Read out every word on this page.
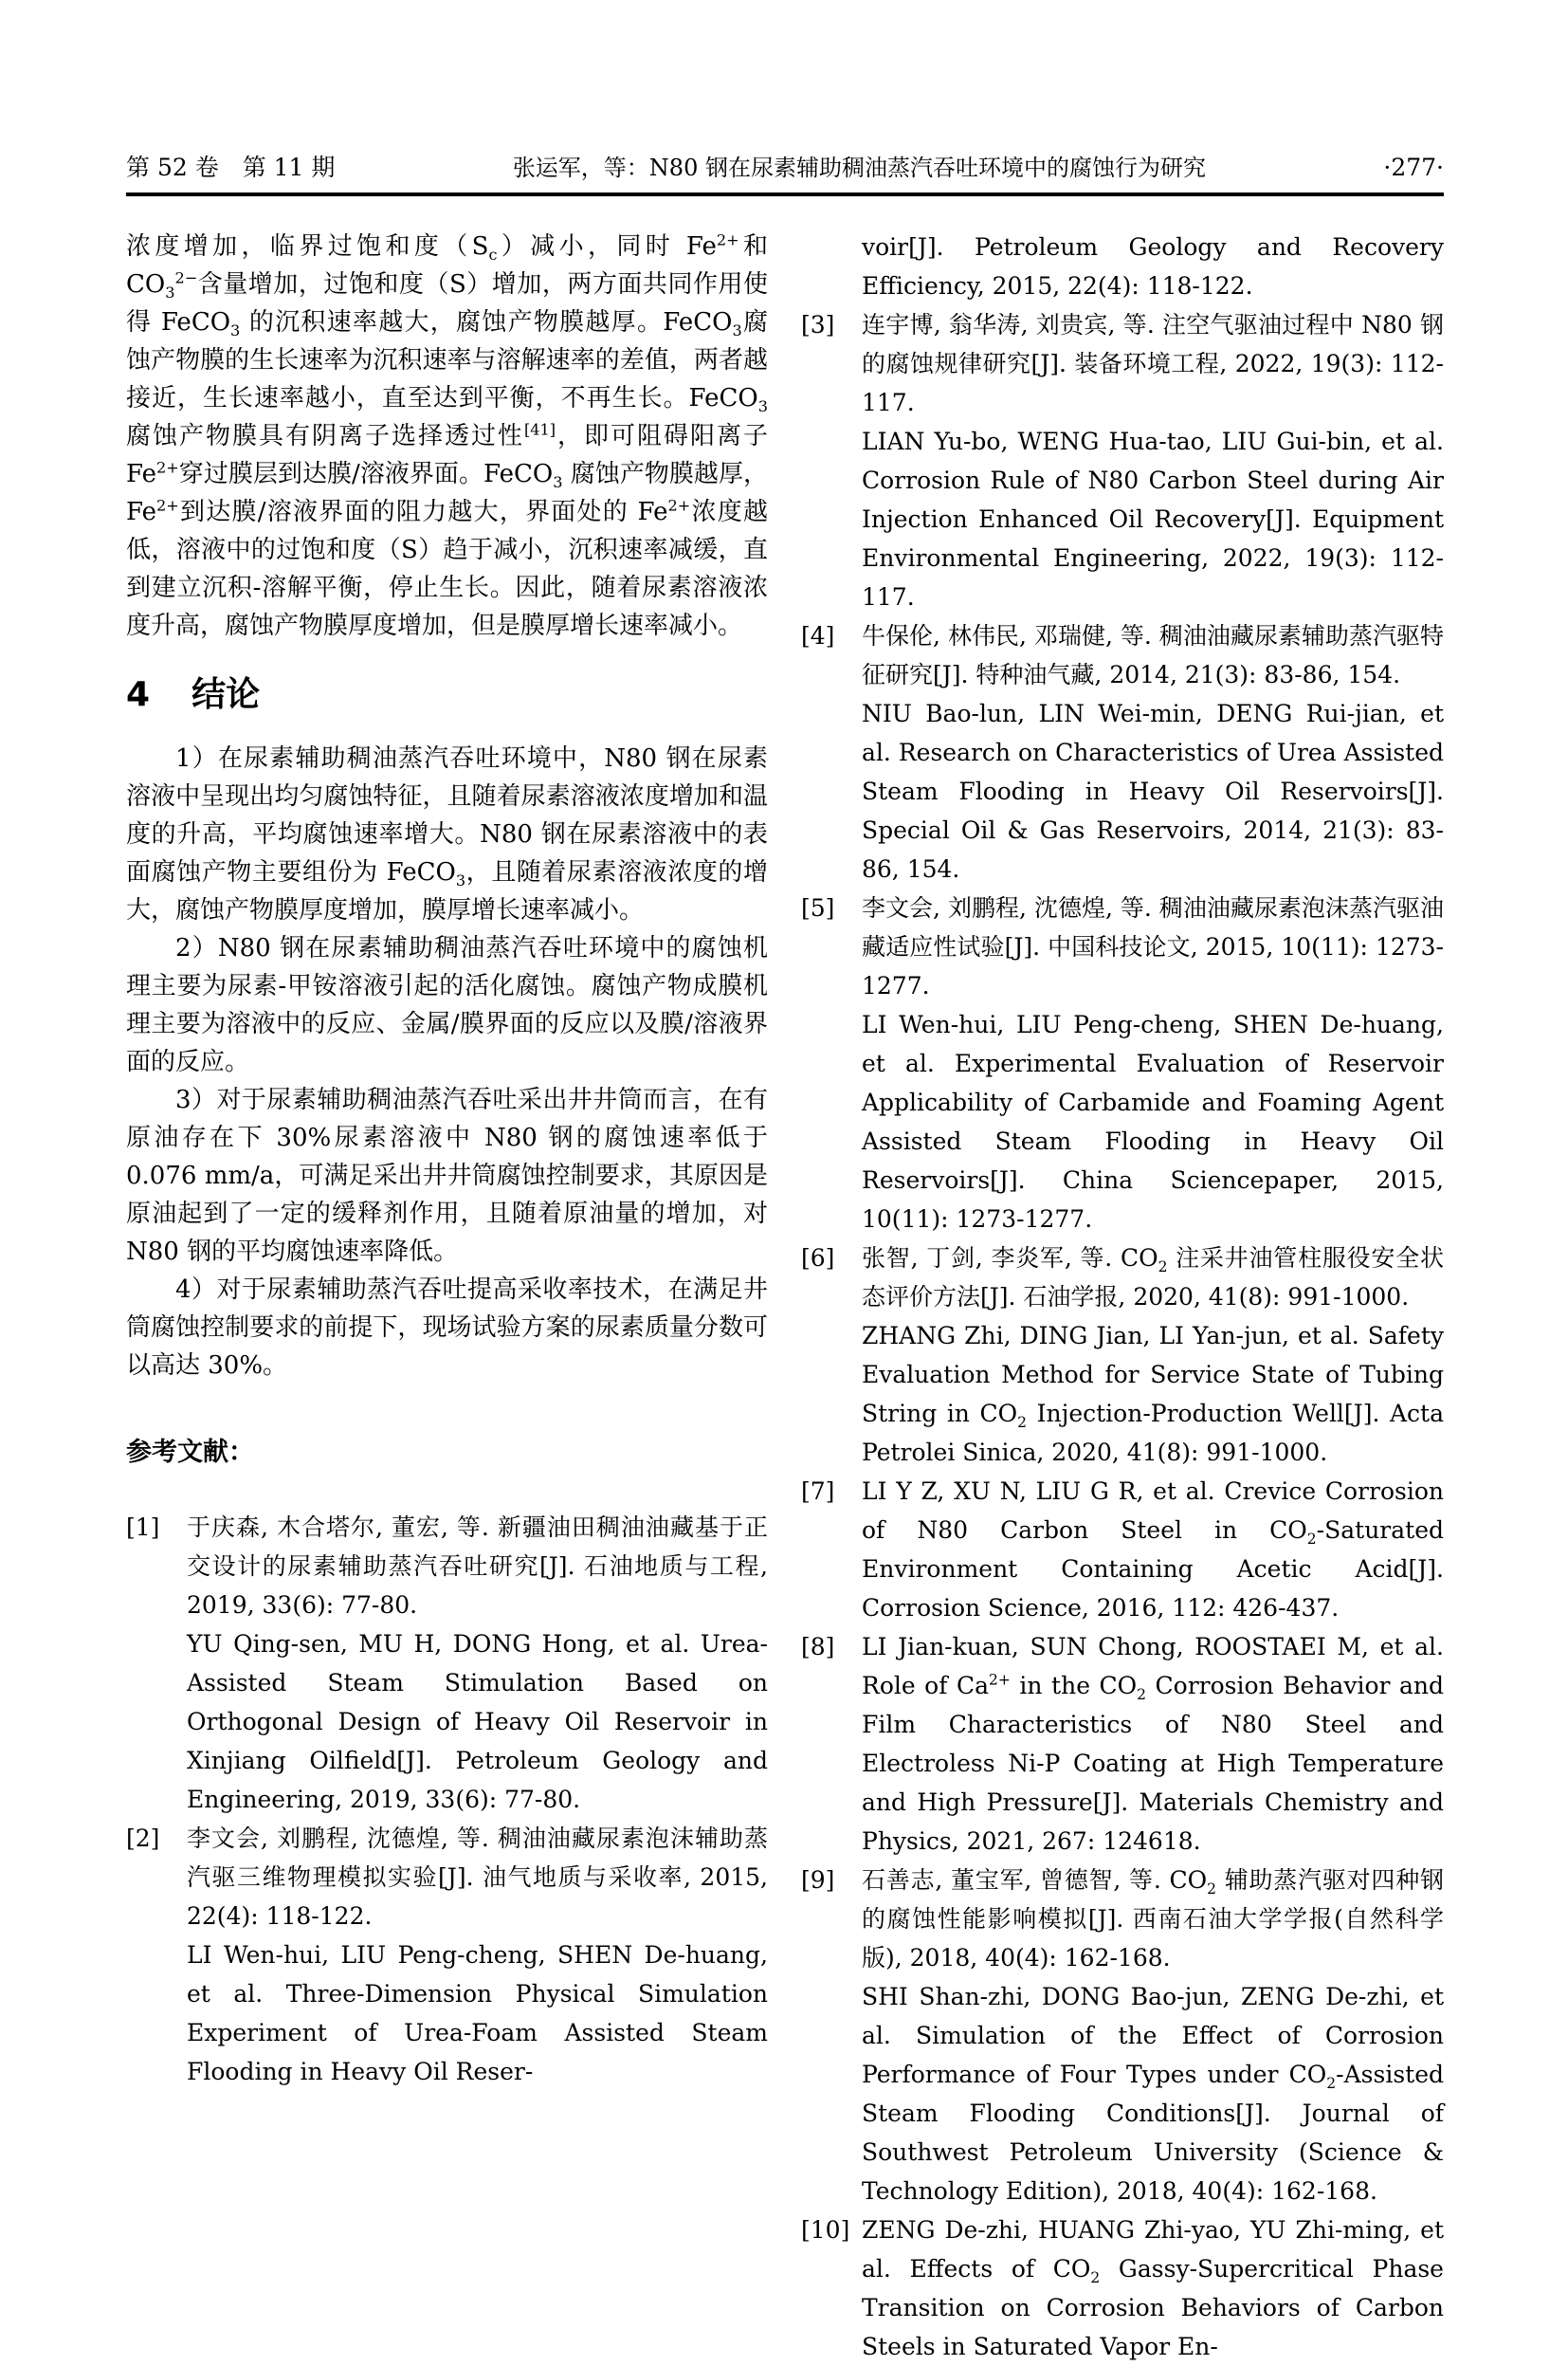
第 52 卷　第 11 期	张运军，等：N80 钢在尿素辅助稠油蒸汽吞吐环境中的腐蚀行为研究	·277·

浓度增加，临界过饱和度$(S_c)$减小，同时 $Fe^{2+}$和 $CO_3^{2-}$含量增加，过饱和度（S）增加，两方面共同作用使得 FeCO$_3$ 的沉积速率越大，腐蚀产物膜越厚。FeCO$_3$腐蚀产物膜的生长速率为沉积速率与溶解速率的差值，两者越接近，生长速率越小，直至达到平衡，不再生长。FeCO$_3$ 腐蚀产物膜具有阴离子选择透过性[41]，即可阻碍阳离子 $Fe^{2+}$穿过膜层到达膜/溶液界面。FeCO$_3$ 腐蚀产物膜越厚，$Fe^{2+}$到达膜/溶液界面的阻力越大，界面处的 $Fe^{2+}$浓度越低，溶液中的过饱和度（S）趋于减小，沉积速率减缓，直到建立沉积-溶解平衡，停止生长。因此，随着尿素溶液浓度升高，腐蚀产物膜厚度增加，但是膜厚增长速率减小。

4 结论

1）在尿素辅助稠油蒸汽吞吐环境中，N80 钢在尿素溶液中呈现出均匀腐蚀特征，且随着尿素溶液浓度增加和温度的升高，平均腐蚀速率增大。N80 钢在尿素溶液中的表面腐蚀产物主要组份为 FeCO$_3$，且随着尿素溶液浓度的增大，腐蚀产物膜厚度增加，膜厚增长速率减小。

2）N80 钢在尿素辅助稠油蒸汽吞吐环境中的腐蚀机理主要为尿素-甲铵溶液引起的活化腐蚀。腐蚀产物成膜机理主要为溶液中的反应、金属/膜界面的反应以及膜/溶液界面的反应。

3）对于尿素辅助稠油蒸汽吞吐采出井井筒而言，在有原油存在下 30%尿素溶液中 N80 钢的腐蚀速率低于 0.076 mm/a，可满足采出井井筒腐蚀控制要求，其原因是原油起到了一定的缓释剂作用，且随着原油量的增加，对 N80 钢的平均腐蚀速率降低。

4）对于尿素辅助蒸汽吞吐提高采收率技术，在满足井筒腐蚀控制要求的前提下，现场试验方案的尿素质量分数可以高达 30%。

参考文献：
[1]	于庆森, 木合塔尔, 董宏, 等. 新疆油田稠油油藏基于正交设计的尿素辅助蒸汽吞吐研究[J]. 石油地质与工程, 2019, 33(6): 77-80.

YU Qing-sen, MU H, DONG Hong, et al. Urea-Assisted Steam Stimulation Based on Orthogonal Design of Heavy Oil Reservoir in Xinjiang Oilfield[J]. Petroleum Geology and Engineering, 2019, 33(6): 77-80.

[2]	李文会, 刘鹏程, 沈德煌, 等. 稠油油藏尿素泡沫辅助蒸汽驱三维物理模拟实验[J]. 油气地质与采收率, 2015, 22(4): 118-122.

LI Wen-hui, LIU Peng-cheng, SHEN De-huang, et al. Three-Dimension Physical Simulation Experiment of Urea-Foam Assisted Steam Flooding in Heavy Oil Reser-

voir[J]. Petroleum Geology and Recovery Efficiency, 2015, 22(4): 118-122.

[3]	连宇博, 翁华涛, 刘贵宾, 等. 注空气驱油过程中 N80 钢的腐蚀规律研究[J]. 装备环境工程, 2022, 19(3): 112-117.

LIAN Yu-bo, WENG Hua-tao, LIU Gui-bin, et al. Corrosion Rule of N80 Carbon Steel during Air Injection Enhanced Oil Recovery[J]. Equipment Environmental Engineering, 2022, 19(3): 112-117.

[4]	牛保伦, 林伟民, 邓瑞健, 等. 稠油油藏尿素辅助蒸汽驱特征研究[J]. 特种油气藏, 2014, 21(3): 83-86, 154.

NIU Bao-lun, LIN Wei-min, DENG Rui-jian, et al. Research on Characteristics of Urea Assisted Steam Flooding in Heavy Oil Reservoirs[J]. Special Oil & Gas Reservoirs, 2014, 21(3): 83-86, 154.

[5]	李文会, 刘鹏程, 沈德煌, 等. 稠油油藏尿素泡沫蒸汽驱油藏适应性试验[J]. 中国科技论文, 2015, 10(11): 1273-1277.

LI Wen-hui, LIU Peng-cheng, SHEN De-huang, et al. Experimental Evaluation of Reservoir Applicability of Carbamide and Foaming Agent Assisted Steam Flooding in Heavy Oil Reservoirs[J]. China Sciencepaper, 2015, 10(11): 1273-1277.

[6]	张智, 丁剑, 李炎军, 等. $CO_2$ 注采井油管柱服役安全状态评价方法[J]. 石油学报, 2020, 41(8): 991-1000.

ZHANG Zhi, DING Jian, LI Yan-jun, et al. Safety Evaluation Method for Service State of Tubing String in $CO_2$ Injection-Production Well[J]. Acta Petrolei Sinica, 2020, 41(8): 991-1000.

[7]	LI Y Z, XU N, LIU G R, et al. Crevice Corrosion of N80 Carbon Steel in $CO_2$-Saturated Environment Containing Acetic Acid[J]. Corrosion Science, 2016, 112: 426-437.

[8]	LI Jian-kuan, SUN Chong, ROOSTAEI M, et al. Role of $Ca^{2+}$ in the $CO_2$ Corrosion Behavior and Film Characteristics of N80 Steel and Electroless Ni-P Coating at High Temperature and High Pressure[J]. Materials Chemistry and Physics, 2021, 267: 124618.

[9]	石善志, 董宝军, 曾德智, 等. $CO_2$ 辅助蒸汽驱对四种钢的腐蚀性能影响模拟[J]. 西南石油大学学报(自然科学版), 2018, 40(4): 162-168.

SHI Shan-zhi, DONG Bao-jun, ZENG De-zhi, et al. Simulation of the Effect of Corrosion Performance of Four Types under $CO_2$-Assisted Steam Flooding Conditions[J]. Journal of Southwest Petroleum University (Science & Technology Edition), 2018, 40(4): 162-168.

[10] ZENG De-zhi, HUANG Zhi-yao, YU Zhi-ming, et al. Effects of $CO_2$ Gassy-Supercritical Phase Transition on Corrosion Behaviors of Carbon Steels in Saturated Vapor En-
